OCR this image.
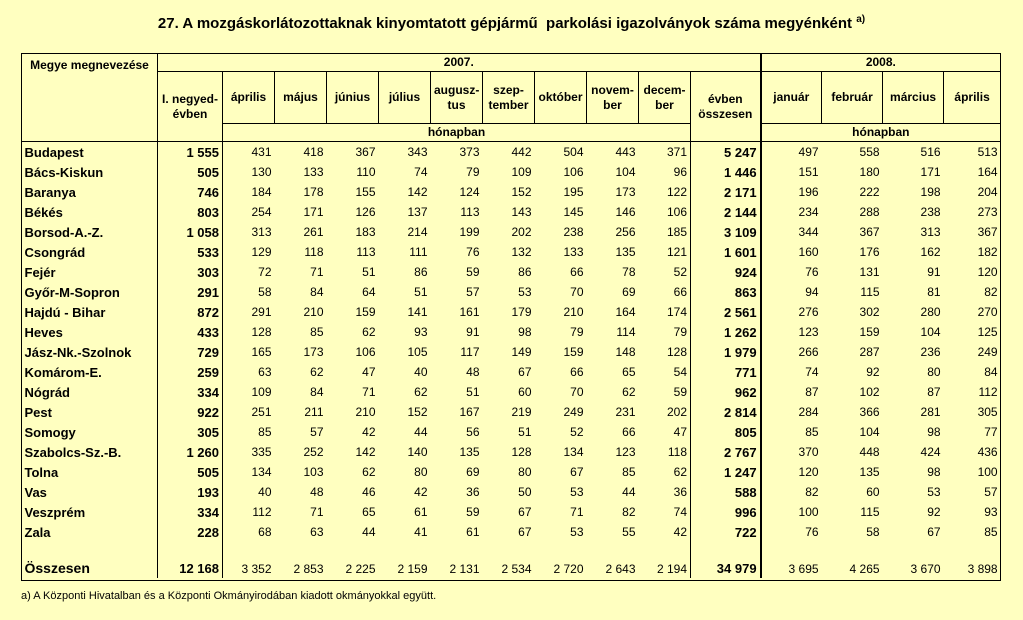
27. A mozgáskorlátozottaknak kinyomtatott gépjármű  parkolási igazolványok száma megyénként $^{a)}$
Megye megnevezése	2007.											2008.			
	I. negyed- évben	április	május	június	július	augusz- tus	szep- tember	október	novem- ber	decem- ber	évben összesen	január	február	március	április
		hónapban										hónapban			
Budapest	1 555	431	418	367	343	373	442	504	443	371	5 247	497	558	516	513
Bács-Kiskun	505	130	133	110	74	79	109	106	104	96	1 446	151	180	171	164
Baranya	746	184	178	155	142	124	152	195	173	122	2 171	196	222	198	204
Békés	803	254	171	126	137	113	143	145	146	106	2 144	234	288	238	273
Borsod-A.-Z.	1 058	313	261	183	214	199	202	238	256	185	3 109	344	367	313	367
Csongrád	533	129	118	113	111	76	132	133	135	121	1 601	160	176	162	182
Fejér	303	72	71	51	86	59	86	66	78	52	924	76	131	91	120
Győr-M-Sopron	291	58	84	64	51	57	53	70	69	66	863	94	115	81	82
Hajdú - Bihar	872	291	210	159	141	161	179	210	164	174	2 561	276	302	280	270
Heves	433	128	85	62	93	91	98	79	114	79	1 262	123	159	104	125
Jász-Nk.-Szolnok	729	165	173	106	105	117	149	159	148	128	1 979	266	287	236	249
Komárom-E.	259	63	62	47	40	48	67	66	65	54	771	74	92	80	84
Nógrád	334	109	84	71	62	51	60	70	62	59	962	87	102	87	112
Pest	922	251	211	210	152	167	219	249	231	202	2 814	284	366	281	305
Somogy	305	85	57	42	44	56	51	52	66	47	805	85	104	98	77
Szabolcs-Sz.-B.	1 260	335	252	142	140	135	128	134	123	118	2 767	370	448	424	436
Tolna	505	134	103	62	80	69	80	67	85	62	1 247	120	135	98	100
Vas	193	40	48	46	42	36	50	53	44	36	588	82	60	53	57
Veszprém	334	112	71	65	61	59	67	71	82	74	996	100	115	92	93
Zala	228	68	63	44	41	61	67	53	55	42	722	76	58	67	85
Összesen	12 168	3 352	2 853	2 225	2 159	2 131	2 534	2 720	2 643	2 194	34 979	3 695	4 265	3 670	3 898
a) A Központi Hivatalban és a Központi Okmányirodában kiadott okmányokkal együtt.
